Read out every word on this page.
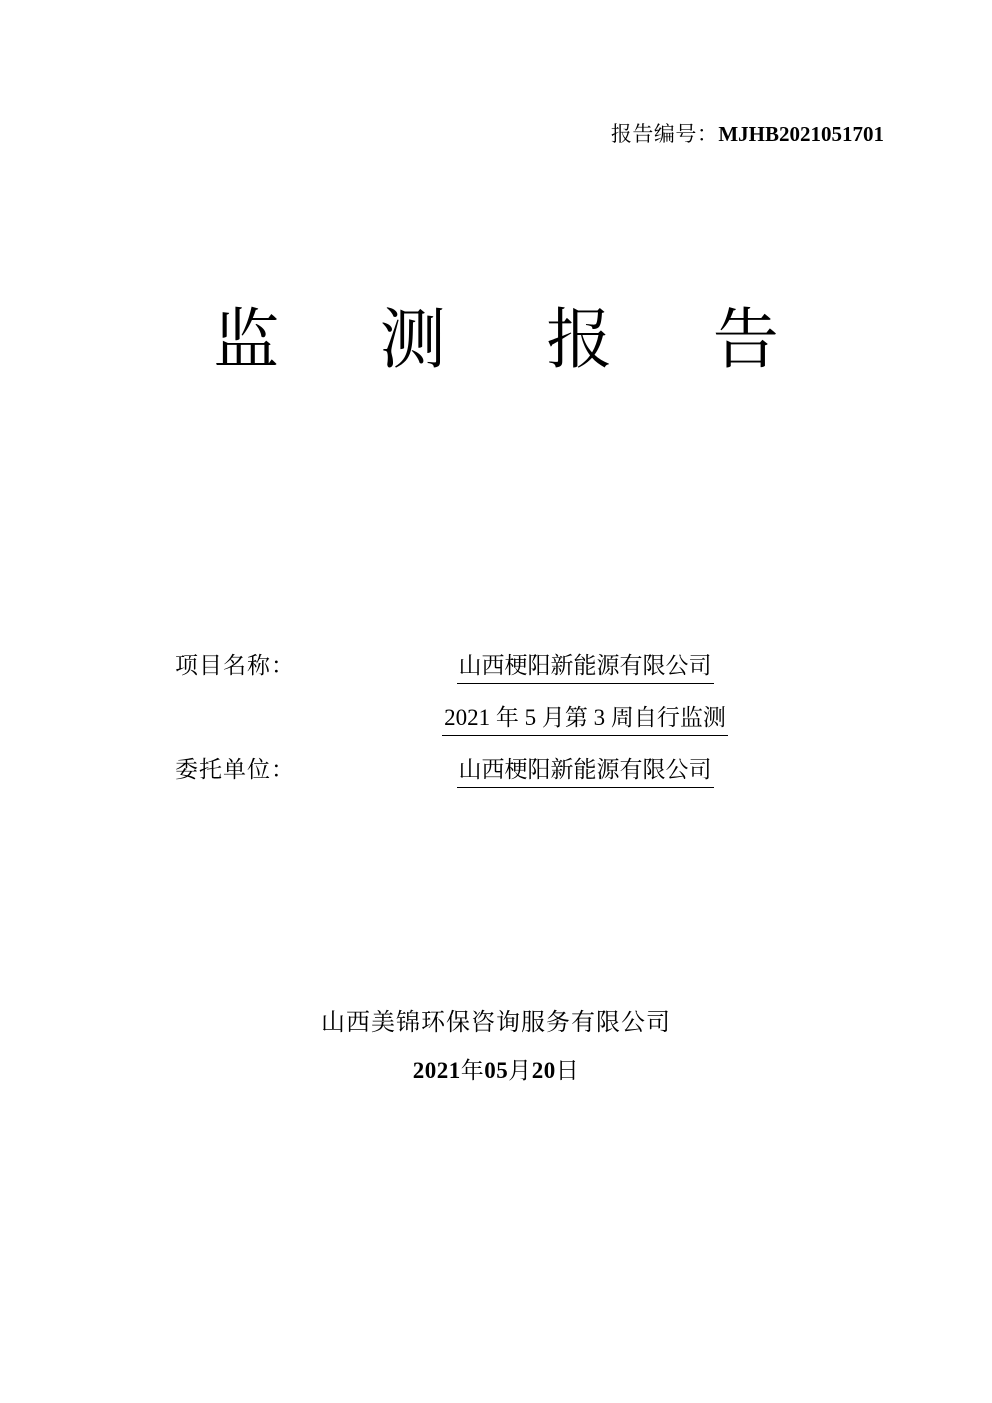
报告编号：MJHB2021051701
监 测 报 告
项目名称：	山西梗阳新能源有限公司
2021 年 5 月第 3 周自行监测
委托单位：	山西梗阳新能源有限公司
山西美锦环保咨询服务有限公司
2021年05月20日
